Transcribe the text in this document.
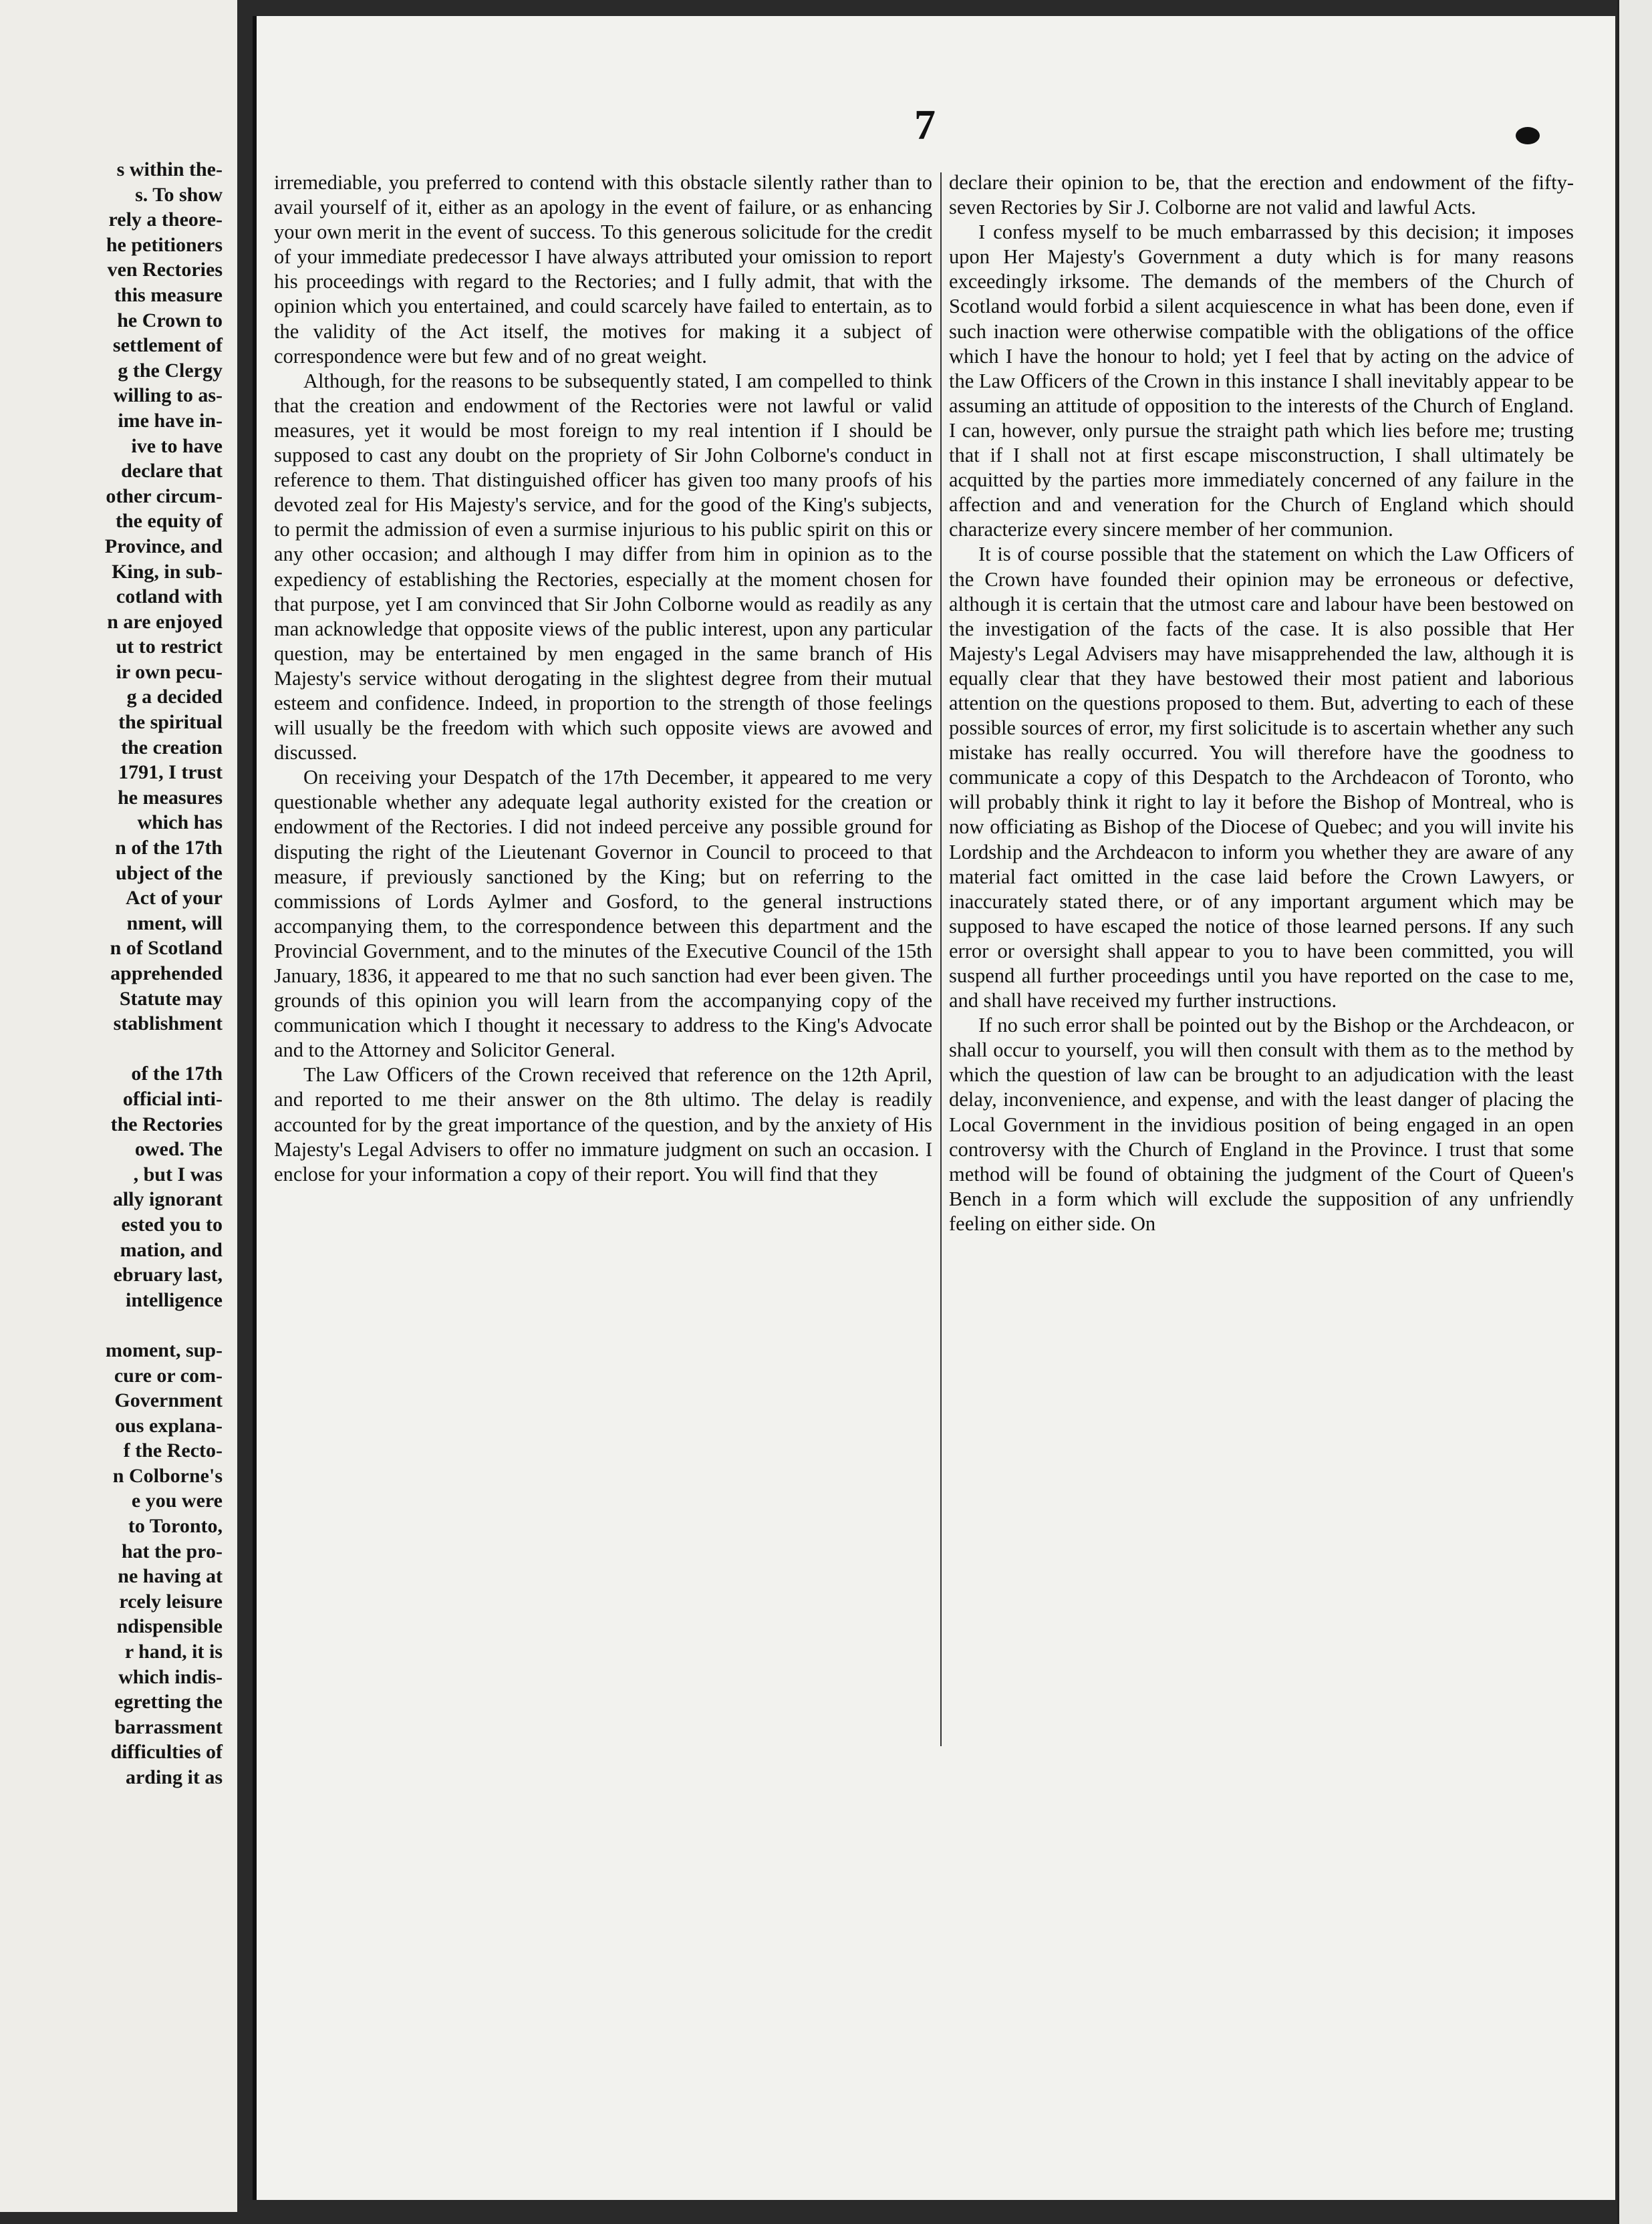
s within the-
s. To show
rely a theore-
he petitioners
ven Rectories
this measure
he Crown to
settlement of
g the Clergy
willing to as-
ime have in-
ive to have
declare that
other circum-
the equity of
Province, and
King, in sub-
cotland with
n are enjoyed
ut to restrict
ir own pecu-
g a decided
the spiritual
the creation
1791, I trust
he measures
which has
n of the 17th
ubject of the
Act of your
nment, will
n of Scotland
apprehended
Statute may
stablishment
of the 17th
official inti-
the Rectories
owed. The
, but I was
ally ignorant
ested you to
mation, and
ebruary last,
intelligence
moment, sup-
cure or com-
Government
ous explana-
f the Recto-
n Colborne's
e you were
to Toronto,
hat the pro-
ne having at
rcely leisure
ndispensible
r hand, it is
which indis-
egretting the
barrassment
difficulties of
arding it as
7

irremediable, you preferred to contend with this obstacle silently rather than to avail yourself of it, either as an apology in the event of failure, or as enhancing your own merit in the event of success. To this generous solicitude for the credit of your immediate predecessor I have always attributed your omission to report his proceedings with regard to the Rectories; and I fully admit, that with the opinion which you entertained, and could scarcely have failed to entertain, as to the validity of the Act itself, the motives for making it a subject of correspondence were but few and of no great weight.

Although, for the reasons to be subsequently stated, I am compelled to think that the creation and endowment of the Rectories were not lawful or valid measures, yet it would be most foreign to my real intention if I should be supposed to cast any doubt on the propriety of Sir John Colborne's conduct in reference to them. That distinguished officer has given too many proofs of his devoted zeal for His Majesty's service, and for the good of the King's subjects, to permit the admission of even a surmise injurious to his public spirit on this or any other occasion; and although I may differ from him in opinion as to the expediency of establishing the Rectories, especially at the moment chosen for that purpose, yet I am convinced that Sir John Colborne would as readily as any man acknowledge that opposite views of the public interest, upon any particular question, may be entertained by men engaged in the same branch of His Majesty's service without derogating in the slightest degree from their mutual esteem and confidence. Indeed, in proportion to the strength of those feelings will usually be the freedom with which such opposite views are avowed and discussed.

On receiving your Despatch of the 17th December, it appeared to me very questionable whether any adequate legal authority existed for the creation or endowment of the Rectories. I did not indeed perceive any possible ground for disputing the right of the Lieutenant Governor in Council to proceed to that measure, if previously sanctioned by the King; but on referring to the commissions of Lords Aylmer and Gosford, to the general instructions accompanying them, to the correspondence between this department and the Provincial Government, and to the minutes of the Executive Council of the 15th January, 1836, it appeared to me that no such sanction had ever been given. The grounds of this opinion you will learn from the accompanying copy of the communication which I thought it necessary to address to the King's Advocate and to the Attorney and Solicitor General.

The Law Officers of the Crown received that reference on the 12th April, and reported to me their answer on the 8th ultimo. The delay is readily accounted for by the great importance of the question, and by the anxiety of His Majesty's Legal Advisers to offer no immature judgment on such an occasion. I enclose for your information a copy of their report. You will find that they

declare their opinion to be, that the erection and endowment of the fifty-seven Rectories by Sir J. Colborne are not valid and lawful Acts.

I confess myself to be much embarrassed by this decision; it imposes upon Her Majesty's Government a duty which is for many reasons exceedingly irksome. The demands of the members of the Church of Scotland would forbid a silent acquiescence in what has been done, even if such inaction were otherwise compatible with the obligations of the office which I have the honour to hold; yet I feel that by acting on the advice of the Law Officers of the Crown in this instance I shall inevitably appear to be assuming an attitude of opposition to the interests of the Church of England. I can, however, only pursue the straight path which lies before me; trusting that if I shall not at first escape misconstruction, I shall ultimately be acquitted by the parties more immediately concerned of any failure in the affection and and veneration for the Church of England which should characterize every sincere member of her communion.

It is of course possible that the statement on which the Law Officers of the Crown have founded their opinion may be erroneous or defective, although it is certain that the utmost care and labour have been bestowed on the investigation of the facts of the case. It is also possible that Her Majesty's Legal Advisers may have misapprehended the law, although it is equally clear that they have bestowed their most patient and laborious attention on the questions proposed to them. But, adverting to each of these possible sources of error, my first solicitude is to ascertain whether any such mistake has really occurred. You will therefore have the goodness to communicate a copy of this Despatch to the Archdeacon of Toronto, who will probably think it right to lay it before the Bishop of Montreal, who is now officiating as Bishop of the Diocese of Quebec; and you will invite his Lordship and the Archdeacon to inform you whether they are aware of any material fact omitted in the case laid before the Crown Lawyers, or inaccurately stated there, or of any important argument which may be supposed to have escaped the notice of those learned persons. If any such error or oversight shall appear to you to have been committed, you will suspend all further proceedings until you have reported on the case to me, and shall have received my further instructions.

If no such error shall be pointed out by the Bishop or the Archdeacon, or shall occur to yourself, you will then consult with them as to the method by which the question of law can be brought to an adjudication with the least delay, inconvenience, and expense, and with the least danger of placing the Local Government in the invidious position of being engaged in an open controversy with the Church of England in the Province. I trust that some method will be found of obtaining the judgment of the Court of Queen's Bench in a form which will exclude the supposition of any unfriendly feeling on either side. On
